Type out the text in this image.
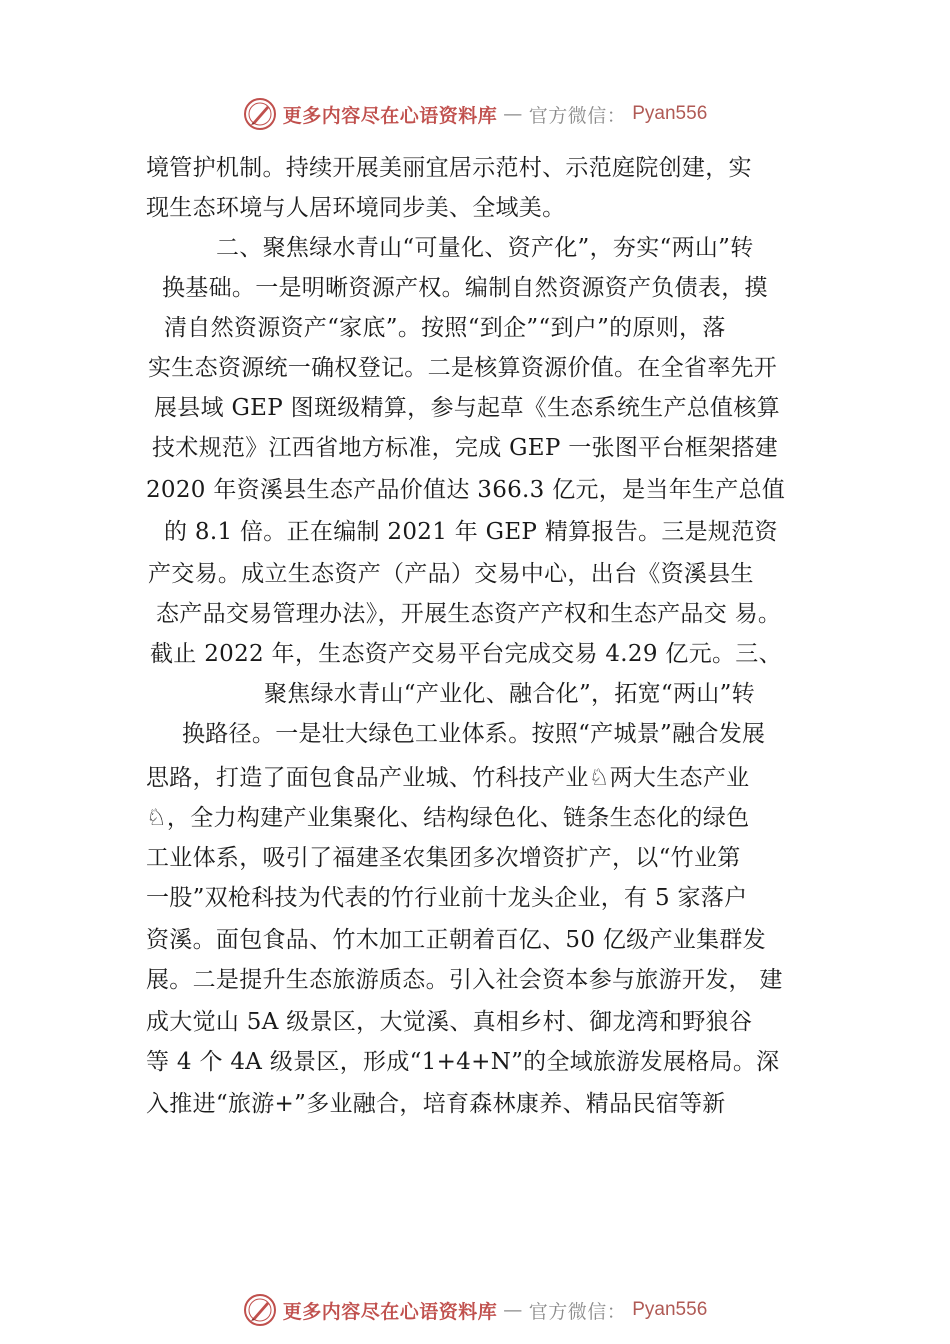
更多内容尽在心语资料库 — 官方微信： Pyan556
境管护机制。持续开展美丽宜居示范村、示范庭院创建，实
现生态环境与人居环境同步美、全域美。
二、聚焦绿水青山“可量化、资产化”，夯实“两山”转
换基础。一是明晰资源产权。编制自然资源资产负债表，摸
清自然资源资产“家底”。按照“到企”“到户”的原则，落
实生态资源统一确权登记。二是核算资源价值。在全省率先开
展县域 GEP 图斑级精算，参与起草《生态系统生产总值核算
技术规范》江西省地方标准，完成 GEP 一张图平台框架搭建
2020 年资溪县生态产品价值达 366.3 亿元，是当年生产总值
的 8.1 倍。正在编制 2021 年 GEP 精算报告。三是规范资
产交易。成立生态资产（产品）交易中心，出台《资溪县生
态产品交易管理办法》，开展生态资产产权和生态产品交 易。
截止 2022 年，生态资产交易平台完成交易 4.29 亿元。三、
聚焦绿水青山“产业化、融合化”，拓宽“两山”转
换路径。一是壮大绿色工业体系。按照“产城景”融合发展
思路，打造了面包食品产业城、竹科技产业♘两大生态产业
♘，全力构建产业集聚化、结构绿色化、链条生态化的绿色
工业体系，吸引了福建圣农集团多次增资扩产，以“竹业第
一股”双枪科技为代表的竹行业前十龙头企业，有 5 家落户
资溪。面包食品、竹木加工正朝着百亿、50 亿级产业集群发
展。二是提升生态旅游质态。引入社会资本参与旅游开发， 建
成大觉山 5A 级景区，大觉溪、真相乡村、御龙湾和野狼谷
等 4 个 4A 级景区，形成“1+4+N”的全域旅游发展格局。深
入推进“旅游+”多业融合，培育森林康养、精品民宿等新
更多内容尽在心语资料库 — 官方微信： Pyan556
